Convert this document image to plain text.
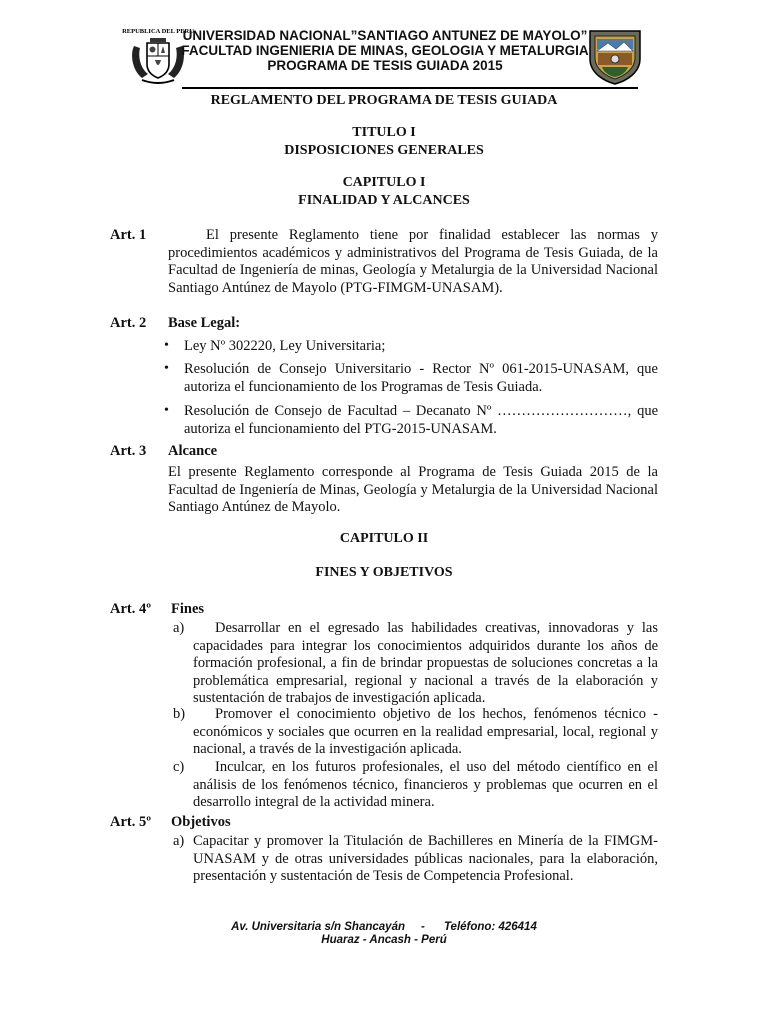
REPUBLICA DEL PERU
UNIVERSIDAD NACIONAL”SANTIAGO ANTUNEZ DE MAYOLO”
FACULTAD INGENIERIA DE MINAS, GEOLOGIA Y METALURGIA
PROGRAMA DE TESIS GUIADA 2015
REGLAMENTO DEL PROGRAMA DE TESIS GUIADA
TITULO I
DISPOSICIONES GENERALES
CAPITULO I
FINALIDAD Y ALCANCES
Art. 1	El presente Reglamento tiene por finalidad establecer las normas y procedimientos académicos y administrativos del Programa de Tesis Guiada, de la Facultad de Ingeniería de minas, Geología y Metalurgia de la Universidad Nacional Santiago Antúnez de Mayolo (PTG-FIMGM-UNASAM).
Art. 2 Base Legal:
• Ley Nº 302220, Ley Universitaria;
• Resolución de Consejo Universitario - Rector Nº 061-2015-UNASAM, que autoriza el funcionamiento de los Programas de Tesis Guiada.
• Resolución de Consejo de Facultad – Decanato Nº ………………………, que autoriza el funcionamiento del PTG-2015-UNASAM.
Art. 3 Alcance
El presente Reglamento corresponde al Programa de Tesis Guiada 2015 de la Facultad de Ingeniería de Minas, Geología y Metalurgia de la Universidad Nacional Santiago Antúnez de Mayolo.
CAPITULO II
FINES Y OBJETIVOS
Art. 4º Fines
a)	Desarrollar en el egresado las habilidades creativas, innovadoras y las capacidades para integrar los conocimientos adquiridos durante los años de formación profesional, a fin de brindar propuestas de soluciones concretas a la problemática empresarial, regional y nacional a través de la elaboración y sustentación de trabajos de investigación aplicada.
b)	Promover el conocimiento objetivo de los hechos, fenómenos técnico - económicos y sociales que ocurren en la realidad empresarial, local, regional y nacional, a través de la investigación aplicada.
c)	Inculcar, en los futuros profesionales, el uso del método científico en el análisis de los fenómenos técnico, financieros y problemas que ocurren en el desarrollo integral de la actividad minera.
Art. 5º Objetivos
a) Capacitar y promover la Titulación de Bachilleres en Minería de la FIMGM-UNASAM y de otras universidades públicas nacionales, para la elaboración, presentación y sustentación de Tesis de Competencia Profesional.
Av. Universitaria s/n Shancayán     -      Teléfono: 426414
Huaraz - Ancash - Perú
